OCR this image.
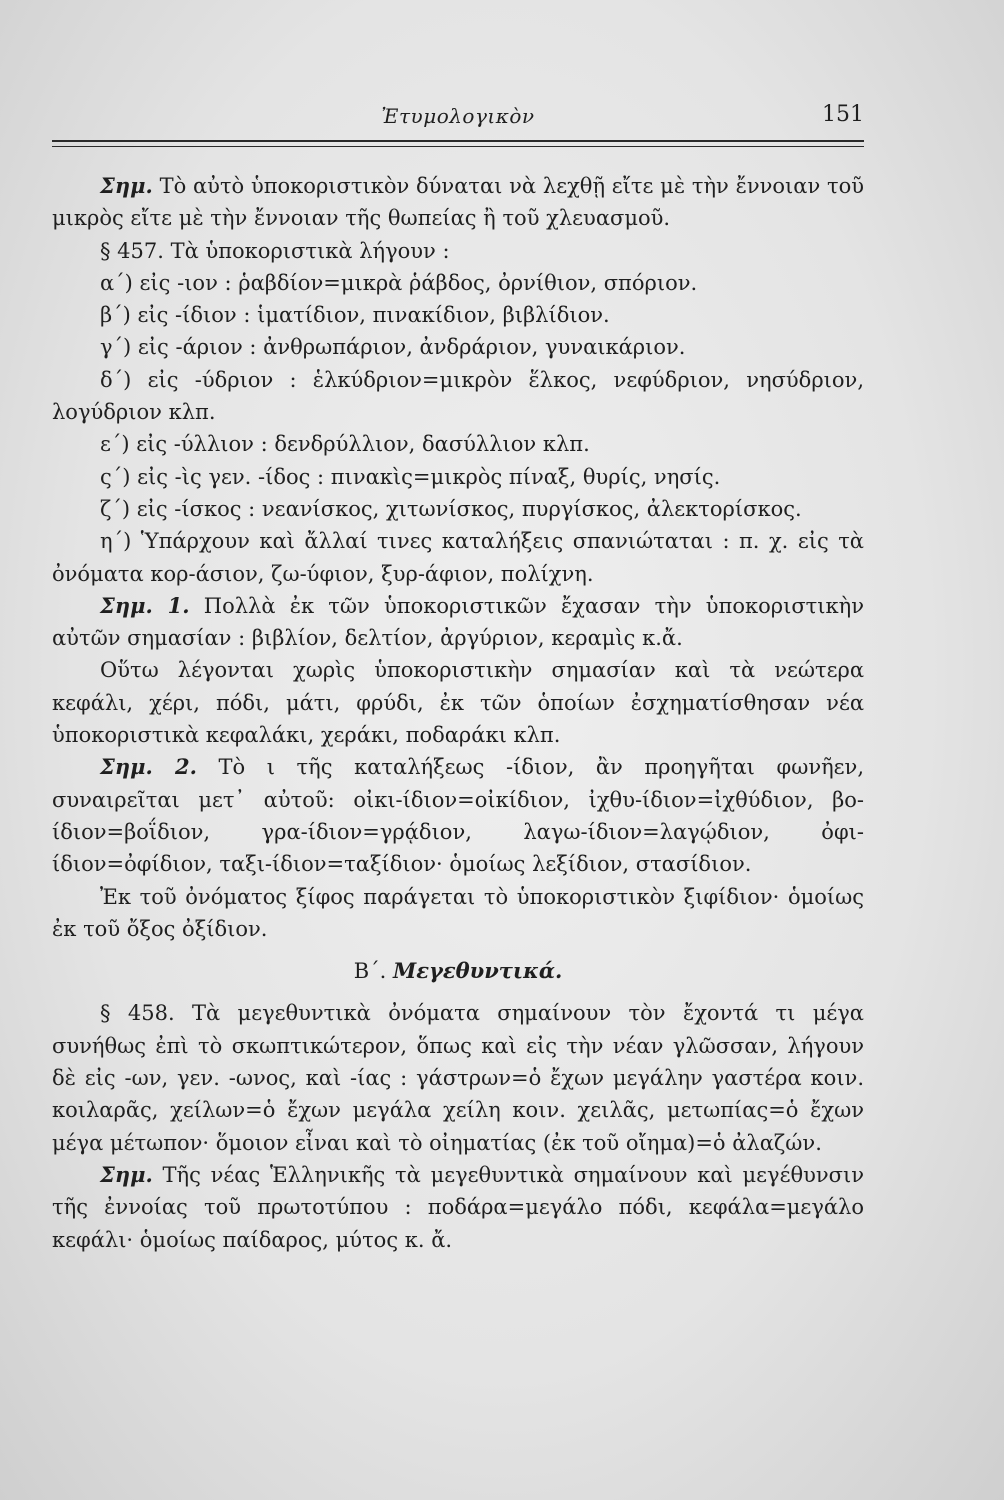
Ἐτυμολογικὸν	151

Σημ. Τὸ αὐτὸ ὑποκοριστικὸν δύναται νὰ λεχθῇ εἴτε μὲ τὴν ἔννοιαν τοῦ μικρὸς εἴτε μὲ τὴν ἔννοιαν τῆς θωπείας ἢ τοῦ χλευασμοῦ.

§ 457. Τὰ ὑποκοριστικὰ λήγουν :

α΄) εἰς -ιον : ῥαβδίον=μικρὰ ῥάβδος, ὀρνίθιον, σπόριον.

β΄) εἰς -ίδιον : ἱματίδιον, πινακίδιον, βιβλίδιον.

γ΄) εἰς -άριον : ἀνθρωπάριον, ἀνδράριον, γυναικάριον.

δ΄) εἰς -ύδριον : ἑλκύδριον=μικρὸν ἕλκος, νεφύδριον, νησύδριον, λογύδριον κλπ.

ε΄) εἰς -ύλλιον : δενδρύλλιον, δασύλλιον κλπ.

ς΄) εἰς -ὶς γεν. -ίδος : πινακὶς=μικρὸς πίναξ, θυρίς, νησίς.

ζ΄) εἰς -ίσκος : νεανίσκος, χιτωνίσκος, πυργίσκος, ἀλεκτορίσκος.

η΄) Ὑπάρχουν καὶ ἄλλαί τινες καταλήξεις σπανιώταται : π. χ. εἰς τὰ ὀνόματα κορ-άσιον, ζω-ύφιον, ξυρ-άφιον, πολίχνη.

Σημ. 1. Πολλὰ ἐκ τῶν ὑποκοριστικῶν ἔχασαν τὴν ὑποκοριστικὴν αὐτῶν σημασίαν : βιβλίον, δελτίον, ἀργύριον, κεραμὶς κ.ἄ.

Οὕτω λέγονται χωρὶς ὑποκοριστικὴν σημασίαν καὶ τὰ νεώτερα κεφάλι, χέρι, πόδι, μάτι, φρύδι, ἐκ τῶν ὁποίων ἐσχηματίσθησαν νέα ὑποκοριστικὰ κεφαλάκι, χεράκι, ποδαράκι κλπ.

Σημ. 2. Τὸ ι τῆς καταλήξεως -ίδιον, ἂν προηγῆται φωνῆεν, συναιρεῖται μετ᾿ αὐτοῦ: οἰκι-ίδιον=οἰκίδιον, ἰχθυ-ίδιον=ἰχθύδιον, βο-ίδιον=βοΐδιον, γρα-ίδιον=γρᾴδιον, λαγω-ίδιον=λαγῴδιον, ὀφι-ίδιον=ὀφίδιον, ταξι-ίδιον=ταξίδιον· ὁμοίως λεξίδιον, στασίδιον.

Ἐκ τοῦ ὀνόματος ξίφος παράγεται τὸ ὑποκοριστικὸν ξιφίδιον· ὁμοίως ἐκ τοῦ ὄξος ὀξίδιον.

Β΄. Μεγεθυντικά.

§ 458. Τὰ μεγεθυντικὰ ὀνόματα σημαίνουν τὸν ἔχοντά τι μέγα συνήθως ἐπὶ τὸ σκωπτικώτερον, ὅπως καὶ εἰς τὴν νέαν γλῶσσαν, λήγουν δὲ εἰς -ων, γεν. -ωνος, καὶ -ίας : γάστρων=ὁ ἔχων μεγάλην γαστέρα κοιν. κοιλαρᾶς, χείλων=ὁ ἔχων μεγάλα χείλη κοιν. χειλᾶς, μετωπίας=ὁ ἔχων μέγα μέτωπον· ὅμοιον εἶναι καὶ τὸ οἰηματίας (ἐκ τοῦ οἴημα)=ὁ ἀλαζών.

Σημ. Τῆς νέας Ἑλληνικῆς τὰ μεγεθυντικὰ σημαίνουν καὶ μεγέθυνσιν τῆς ἐννοίας τοῦ πρωτοτύπου : ποδάρα=μεγάλο πόδι, κεφάλα=μεγάλο κεφάλι· ὁμοίως παίδαρος, μύτος κ. ἄ.
